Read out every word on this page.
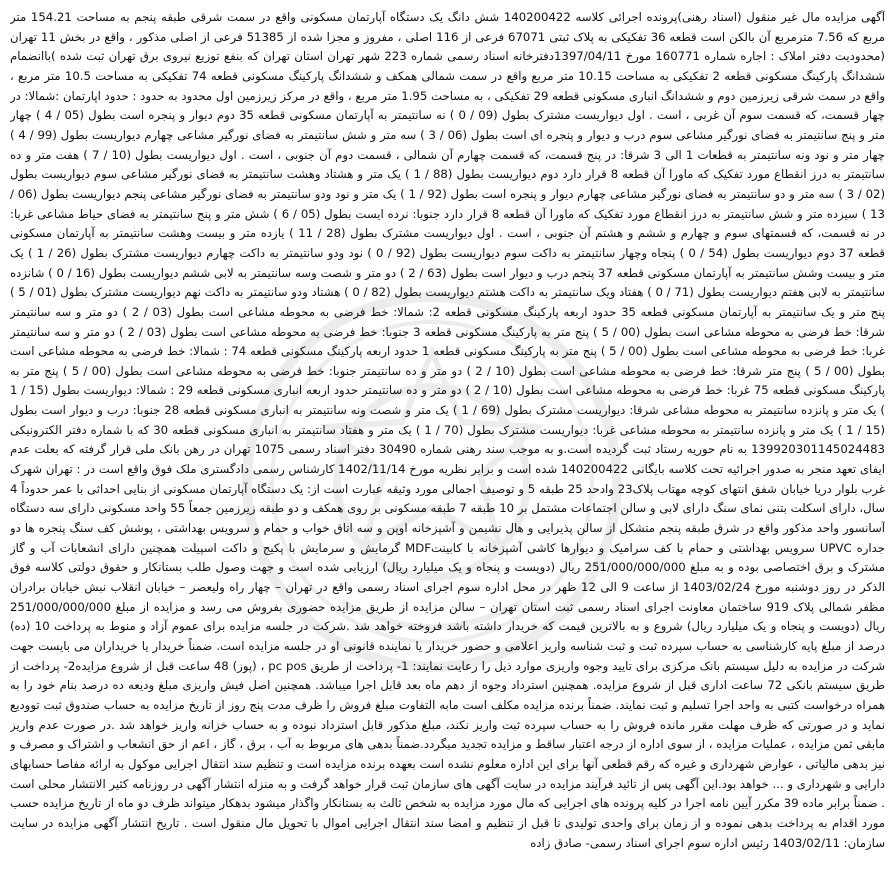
آگهی مزایده مال غیر منقول (اسناد رهنی)پرونده اجرائی کلاسه 140200422 شش دانگ یک دستگاه آپارتمان مسکونی واقع در سمت شرقی طبقه پنجم به مساحت 154.21 متر مربع که 7.56 مترمربع آن بالکن است قطعه 36 تفکیکی به پلاک ثبتی 67071 فرعی از 116 اصلی ، مفروز و مجزا شده از 51385 فرعی از اصلی مذکور ، واقع در بخش 11 تهران (محدودیت دفتر املاک : اجاره شماره 160771 مورخ 1397/04/11دفترخانه اسناد رسمی شماره 223 شهر تهران استان تهران که بنفع توزیع نیروی برق تهران ثبت شده )باانضمام ششدانگ پارکینگ مسکونی قطعه 2 تفکیکی به مساحت 10.15 متر مربع واقع در سمت شمالی همکف و ششدانگ پارکینگ مسکونی قطعه 74 تفکیکی به مساحت 10.5 متر مربع ، واقع در سمت شرقی زیرزمین دوم و ششدانگ انباری مسکونی قطعه 29 تفکیکی ، به مساحت 1.95 متر مربع ، واقع در مرکز زیرزمین اول محدود به حدود : حدود اپارتمان :شمالا: در چهار قسمت، که قسمت سوم آن غربی ، است . اول دیواریست مشترک بطول (09 / 0 ) نه سانتیمتر به آپارتمان مسکونی قطعه 35 دوم دیوار و پنجره است بطول (05 / 4 ) چهار متر و پنج سانتیمتر به فضای نورگیر مشاعی سوم درب و دیوار و پنجره ای است بطول (06 / 3 ) سه متر و شش سانتیمتر به فضای نورگیر مشاعی چهارم دیواریست بطول (99 / 4 ) چهار متر و نود ونه سانتیمتر به قطعات 1 الی 3 شرقا: در پنج قسمت، که قسمت چهارم آن شمالی ، قسمت دوم آن جنوبی ، است . اول دیواریست بطول (10 / 7 ) هفت متر و ده سانتیمتر به درز انقطاع مورد تفکیک که ماورا آن قطعه 8 قرار دارد دوم دیواریست بطول (88 / 1 ) یک متر و هشتاد وهشت سانتیمتر به فضای نورگیر مشاعی سوم دیواریست بطول (02 / 3 ) سه متر و دو سانتیمتر به فضای نورگیر مشاعی چهارم دیوار و پنجره است بطول (92 / 1 ) یک متر و نود ودو سانتیمتر به فضای نورگیر مشاعی پنجم دیواریست بطول (06 / 13 ) سیزده متر و شش سانتیمتر به درز انقطاع مورد تفکیک که ماورا آن قطعه 8 قرار دارد جنوبا: نرده ایست بطول (05 / 6 ) شش متر و پنج سانتیمتر به فضای حیاط مشاعی غربا: در نه قسمت، که قسمتهای سوم و چهارم و ششم و هشتم آن جنوبی ، است . اول دیواریست مشترک بطول (28 / 11 ) یازده متر و بیست وهشت سانتیمتر به آپارتمان مسکونی قطعه 37 دوم دیواریست بطول (54 / 0 ) پنجاه وچهار سانتیمتر به داکت سوم دیواریست بطول (92 / 0 ) نود ودو سانتیمتر به داکت چهارم دیواریست مشترک بطول (26 / 1 ) یک متر و بیست وشش سانتیمتر به آپارتمان مسکونی قطعه 37 پنجم درب و دیوار است بطول (63 / 2 ) دو متر و شصت وسه سانتیمتر به لابی ششم دیواریست بطول (16 / 0 ) شانزده سانتیمتر به لابی هفتم دیواریست بطول (71 / 0 ) هفتاد ویک سانتیمتر به داکت هشتم دیواریست بطول (82 / 0 ) هشتاد ودو سانتیمتر به داکت نهم دیواریست مشترک بطول (01 / 5 ) پنج متر و یک سانتیمتر به آپارتمان مسکونی قطعه 35 حدود اربعه پارکینگ مسکونی قطعه 2: شمالا: خط فرضی به محوطه مشاعی است بطول (03 / 2 ) دو متر و سه سانتیمتر شرقا: خط فرضی به محوطه مشاعی است بطول (00 / 5 ) پنج متر به پارکینگ مسکونی قطعه 3 جنوبا: خط فرضی به محوطه مشاعی است بطول (03 / 2 ) دو متر و سه سانتیمتر غربا: خط فرضی به محوطه مشاعی است بطول (00 / 5 ) پنج متر به پارکینگ مسکونی قطعه 1 حدود اربعه پارکینگ مسکونی قطعه 74 : شمالا: خط فرضی به محوطه مشاعی است بطول (00 / 5 ) پنج متر شرقا: خط فرضی به محوطه مشاعی است بطول (10 / 2 ) دو متر و ده سانتیمتر جنوبا: خط فرضی به محوطه مشاعی است بطول (00 / 5 ) پنج متر به پارکینگ مسکونی قطعه 75 غربا: خط فرضی به محوطه مشاعی است بطول (10 / 2 ) دو متر و ده سانتیمتر حدود اربعه انباری مسکونی قطعه 29 : شمالا: دیواریست بطول (15 / 1 ) یک متر و پانزده سانتیمتر به محوطه مشاعی شرقا: دیواریست مشترک بطول (69 / 1 ) یک متر و شصت ونه سانتیمتر به انباری مسکونی قطعه 28 جنوبا: درب و دیوار است بطول (15 / 1 ) یک متر و پانزده سانتیمتر به محوطه مشاعی غربا: دیواریست مشترک بطول (70 / 1 ) یک متر و هفتاد سانتیمتر به انباری مسکونی قطعه 30 که با شماره دفتر الکترونیکی 139920301145024483 به نام حوریه رستاد ثبت گردیده است.و به موجب سند رهنی شماره 30490 دفتر اسناد رسمی 1075 تهران در رهن بانک ملی قرار گرفته که بعلت عدم ایفای تعهد منجر به صدور اجرائیه تحت کلاسه بایگانی 140200422 شده است و برابر نظریه مورخ 1402/11/14 کارشناس رسمی دادگستری ملک فوق واقع است در : تهران شهرک غرب بلوار دریا خیابان شفق انتهای کوچه مهتاب پلاک23 وادحد 25 طبقه 5 و توصیف اجمالی مورد وثیقه عبارت است از: یک دستگاه آپارتمان مسکونی از بنایی احداثی با عمر حدوداً 4 سال، دارای اسکلت بتنی نمای سنگ دارای لابی و سالن اجتماعات مشتمل بر 10 طبقه 7 طبقه مسکونی بر روی همکف و دو طبقه زیرزمین جمعاً 55 واحد مسکونی دارای سه دستگاه آسانسور واحد مذکور واقع در شرق طبقه پنجم متشکل از سالن پذیرایی و هال نشیمن و آشپزخانه اوپن و سه اتاق خواب و حمام و سرویس بهداشتی ، پوشش کف سنگ پنجره ها دو جداره UPVC سرویس بهداشتی و حمام با کف سرامیک و دیوارها کاشی آشپزخانه با کابینتMDF گرمایش و سرمایش با پکیج و داکت اسپیلت همچنین دارای انشعابات آب و گاز مشترک و برق اختصاصی بوده و به مبلغ 251/000/000/000 ریال (دویست و پنجاه و یک میلیارد ریال) ارزیابی شده است و جهت وصول طلب بستانکار و حقوق دولتی کلاسه فوق الذکر در روز دوشنبه مورخ 1403/02/24 از ساعت 9 الی 12 ظهر در محل اداره سوم اجرای اسناد رسمی واقع در تهران – چهار راه ولیعصر – خیابان انقلاب نبش خیابان برادران مظفر شمالی پلاک 919 ساختمان معاونت اجرای اسناد رسمی ثبت استان تهران – سالن مزایده از طریق مزایده حضوری بفروش می رسد و مزایده از مبلغ 251/000/000/000 ریال (دویست و پنجاه و یک میلیارد ریال) شروع و به بالاترین قیمت که خریدار داشته باشد فروخته خواهد شد .شرکت در جلسه مزایده برای عموم آزاد و منوط به پرداخت 10 (ده) درصد از مبلغ پایه کارشناسی به حساب سپرده ثبت و ثبت شناسه واریز اعلامی و حضور خریدار یا نماینده قانونی او در جلسه مزایده است. ضمناً خریدار یا خریداران می بایست جهت شرکت در مزایده به دلیل سیستم بانک مرکزی برای تایید وجوه واریزی موارد ذیل را رعایت نمایند: 1- پرداخت از طریق pc pos ، (پوز) 48 ساعت قبل از شروع مزایده2- پرداخت از طریق سیستم بانکی 72 ساعت اداری قبل از شروع مزایده. همچنین استرداد وجوه از دهم ماه بعد قابل اجرا میباشد. همچنین اصل فیش واریزی مبلغ ودیعه ده درصد بنام خود را به همراه درخواست کتبی به واحد اجرا تسلیم و ثبت نمایند. ضمناً برنده مزایده مکلف است مابه التفاوت مبلغ فروش را ظرف مدت پنج روز از تاریخ مزایده به حساب صندوق ثبت توودیع نماید و در صورتی که ظرف مهلت مقرر مانده فروش را به حساب سپرده ثبت واریز نکند، مبلغ مذکور قابل استرداد نبوده و به حساب خزانه واریز خواهد شد .در صورت عدم واریز مابقی ثمن مزایده ، عملیات مزایده ، از سوی اداره از درجه اعتبار ساقط و مزایده تجدید میگردد.ضمناً بدهی های مربوط به آب ، برق ، گاز ، اعم از حق انشعاب و اشتراک و مصرف و نیز بدهی مالیاتی ، عوارض شهرداری و غیره که رقم قطعی آنها برای این اداره معلوم نشده است بعهده برنده مزایده است و تنظیم سند انتقال اجرایی موکول به ارائه مفاصا حسابهای دارایی و شهرداری و ... خواهد بود.این آگهی پس از تائید فرآیند مزایده در سایت آگهی های سازمان ثبت قرار خواهد گرفت و به منزله انتشار آگهی در روزنامه کثیر الانتشار محلی است . ضمناً برابر ماده 39 مکرر آیین نامه اجرا در کلیه پرونده های اجرایی که مال مورد مزایده به شخص ثالث به بستانکار واگذار میشود بدهکار میتواند ظرف دو ماه از تاریخ مزایده حسب مورد اقدام به پرداخت بدهی نموده و از زمان برای واحدی تولیدی تا قبل از تنظیم و امضا سند انتقال اجرایی اموال با تحویل مال منقول است . تاریخ انتشار آگهی مزایده در سایت سازمان: 1403/02/11 رئیس اداره سوم اجرای اسناد رسمی- صادق زاده
